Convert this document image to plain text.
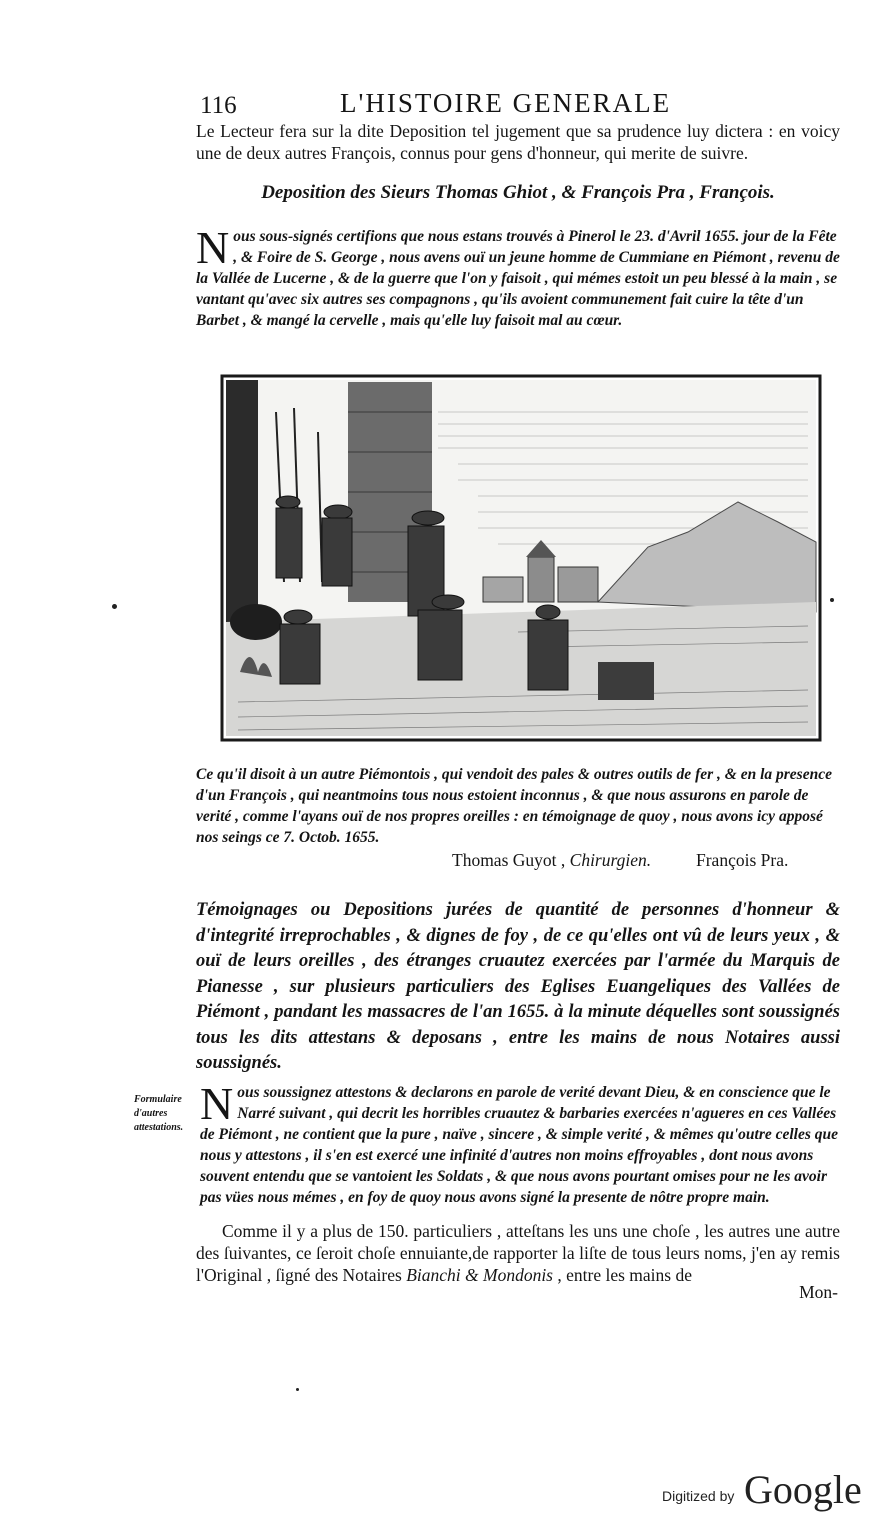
116	L'HISTOIRE GENERALE
Le Lecteur fera sur la dite Deposition tel jugement que sa prudence luy dictera : en voicy une de deux autres François, connus pour gens d'honneur, qui merite de suivre.
Deposition des Sieurs Thomas Ghiot , & François Pra , François.
Nous sous-signés certifions que nous estans trouvés à Pinerol le 23. d'Avril 1655. jour de la Fête , & Foire de S. George , nous avens ouï un jeune homme de Cummiane en Piémont , revenu de la Vallée de Lucerne , & de la guerre que l'on y faisoit , qui mémes estoit un peu blessé à la main , se vantant qu'avec six autres ses compagnons , qu'ils avoient communement fait cuire la tête d'un Barbet , & mangé la cervelle , mais qu'elle luy faisoit mal au cœur.
Ce qu'il disoit à un autre Piémontois , qui vendoit des pales & outres outils de fer , & en la presence d'un François , qui neantmoins tous nous estoient inconnus , & que nous assurons en parole de verité , comme l'ayans ouï de nos propres oreilles : en témoignage de quoy , nous avons icy apposé nos seings ce 7. Octob. 1655.
Thomas Guyot , Chirurgien.	François Pra.
Témoignages ou Depositions jurées de quantité de personnes d'honneur & d'integrité irreprochables , & dignes de foy , de ce qu'elles ont vû de leurs yeux , & ouï de leurs oreilles , des étranges cruautez exercées par l'armée du Marquis de Pianesse , sur plusieurs particuliers des Eglises Euangeliques des Vallées de Piémont , pandant les massacres de l'an 1655. à la minute déquelles sont soussignés tous les dits attestans & deposans , entre les mains de nous Notaires aussi soussignés.
Formulaire d'autres attestations. Nous soussignez attestons & declarons en parole de verité devant Dieu, & en conscience que le Narré suivant , qui decrit les horribles cruautez & barbaries exercées n'agueres en ces Vallées de Piémont , ne contient que la pure , naïve , sincere , & simple verité , & mêmes qu'outre celles que nous y attestons , il s'en est exercé une infinité d'autres non moins effroyables , dont nous avons souvent entendu que se vantoient les Soldats , & que nous avons pourtant omises pour ne les avoir pas vües nous mémes , en foy de quoy nous avons signé la presente de nôtre propre main.
Comme il y a plus de 150. particuliers , atteſtans les uns une choſe , les autres une autre des ſuivantes, ce ſeroit choſe ennuiante,de rapporter la liſte de tous leurs noms, j'en ay remis l'Original , ſigné des Notaires Bianchi & Mondonis , entre les mains de
Mon-
Digitized by Google
